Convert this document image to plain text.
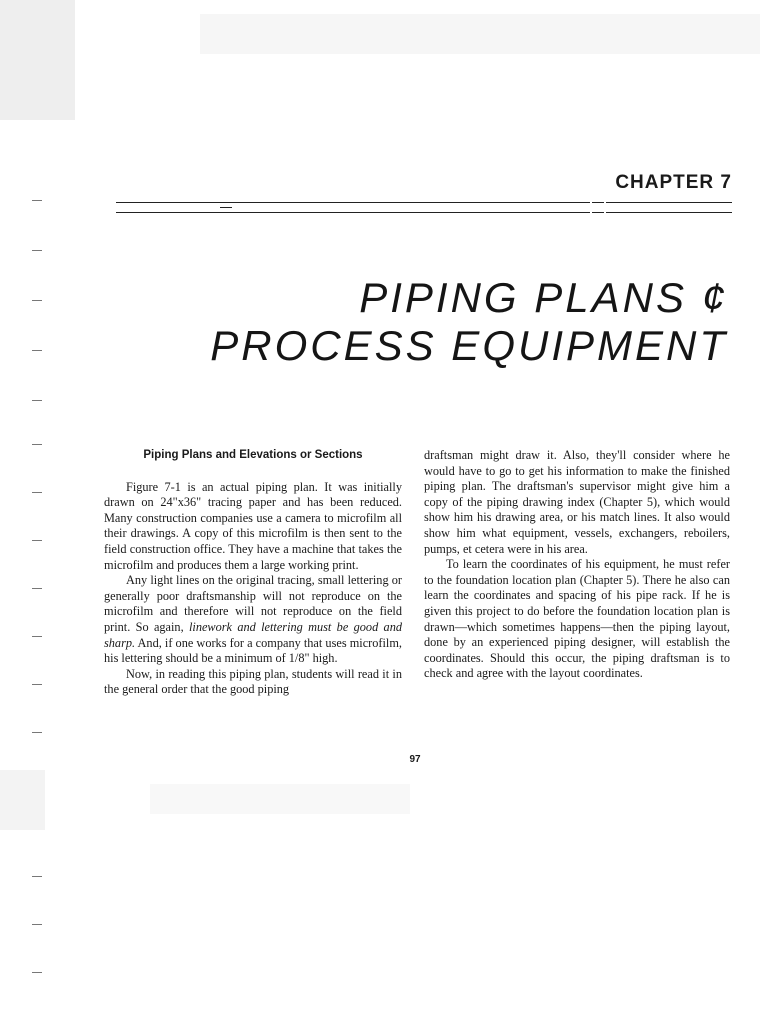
CHAPTER 7
PIPING PLANS ¢
PROCESS EQUIPMENT
Piping Plans and Elevations or Sections

Figure 7-1 is an actual piping plan. It was initially drawn on 24"x36" tracing paper and has been reduced. Many construction companies use a camera to microfilm all their drawings. A copy of this microfilm is then sent to the field construction office. They have a machine that takes the microfilm and produces them a large working print.

Any light lines on the original tracing, small lettering or generally poor draftsmanship will not reproduce on the microfilm and therefore will not reproduce on the field print. So again, linework and lettering must be good and sharp. And, if one works for a company that uses microfilm, his lettering should be a minimum of 1/8" high.

Now, in reading this piping plan, students will read it in the general order that the good piping

draftsman might draw it. Also, they'll consider where he would have to go to get his information to make the finished piping plan. The draftsman's supervisor might give him a copy of the piping drawing index (Chapter 5), which would show him his drawing area, or his match lines. It also would show him what equipment, vessels, exchangers, reboilers, pumps, et cetera were in his area.

To learn the coordinates of his equipment, he must refer to the foundation location plan (Chapter 5). There he also can learn the coordinates and spacing of his pipe rack. If he is given this project to do before the foundation location plan is drawn—which sometimes happens—then the piping layout, done by an experienced piping designer, will establish the coordinates. Should this occur, the piping draftsman is to check and agree with the layout coordinates.

97
